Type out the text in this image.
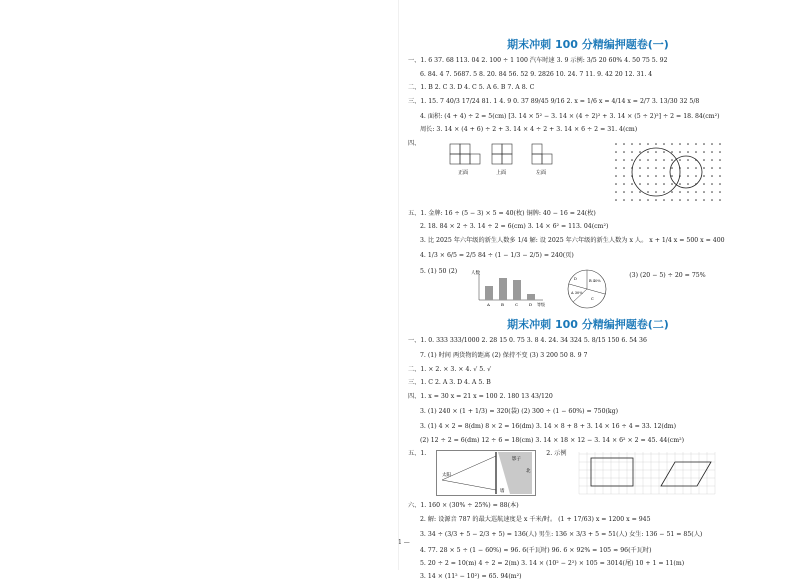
期末冲刺 100 分精编押题卷(一)
一、1. 6 37. 68 113. 04 2. 100 ÷ 1 100 汽车时速 3. 9 示例: 3/5 20 60% 4. 50 75 5. 92
6. 84. 4 7. 5687. 5 8. 20. 84 56. 52 9. 2826 10. 24. 7 11. 9. 42 20 12. 31. 4
二、1. B 2. C 3. D 4. C 5. A 6. B 7. A 8. C
三、1. 15. 7 40/3 17/24 81. 1 4. 9 0. 37 89/45 9/16 2. x = 1/6 x = 4/14 x = 2/7 3. 13/30 32 5/8
4. 面积: (4 + 4) ÷ 2 = 5(cm) [3. 14 × 5² − 3. 14 × (4 ÷ 2)² + 3. 14 × (5 ÷ 2)²] ÷ 2 = 18. 84(cm²)
周长: 3. 14 × (4 + 6) ÷ 2 + 3. 14 × 4 ÷ 2 + 3. 14 × 6 ÷ 2 = 31. 4(cm)
四、
正面	上面	左面
五、1. 金牌: 16 ÷ (5 − 3) × 5 = 40(枚) 铜牌: 40 − 16 = 24(枚)
2. 18. 84 × 2 ÷ 3. 14 ÷ 2 = 6(cm) 3. 14 × 6² = 113. 04(cm²)
3. 比 2025 年六年级的新生人数多 1/4 解: 设 2025 年六年级的新生人数为 x 人。 x + 1/4 x = 500 x = 400
4. 1/3 × 6/5 = 2/5 84 ÷ (1 − 1/3 − 2/5) = 240(页)
5. (1) 50 (2)	人数
A	B	C	D 等级
B 40%
A 30%
C
D	(3) (20 − 5) ÷ 20 = 75%
期末冲刺 100 分精编押题卷(二)
一、1. 0. 333 333/1000 2. 28 15 0. 75 3. 8 4. 24. 34 324 5. 8/15 150 6. 54 36
7. (1) 时间 两货物的距离 (2) 保持不变 (3) 3 200 50 8. 9 7
二、1. × 2. × 3. × 4. √ 5. √
三、1. C 2. A 3. D 4. A 5. B
四、1. x = 30 x = 21 x = 100 2. 180 13 43/120
3. (1) 240 × (1 + 1/3) = 320(袋) (2) 300 ÷ (1 − 60%) = 750(kg)
3. (1) 4 × 2 = 8(dm) 8 × 2 = 16(dm) 3. 14 × 8 + 8 + 3. 14 × 16 ÷ 4 = 33. 12(dm)
(2) 12 ÷ 2 = 6(dm) 12 ÷ 6 = 18(cm) 3. 14 × 18 × 12 − 3. 14 × 6² × 2 = 45. 44(cm²)
五、1.
太阳
墙
影子
北
2. 示例
六、1. 160 × (30% ÷ 25%) = 88(本)
2. 解: 设源音 787 的最大巡航速度是 x 千米/时。 (1 + 17/63) x = 1200 x = 945
3. 34 ÷ (3/3 + 5 − 2/3 + 5) = 136(人) 男生: 136 × 3/3 + 5 = 51(人) 女生: 136 − 51 = 85(人)
4. 77. 28 × 5 ÷ (1 − 60%) ≈ 96. 6(千瓦时) 96. 6 × 92% = 105 ≈ 96(千瓦时)
5. 20 ÷ 2 = 10(m) 4 ÷ 2 = 2(m) 3. 14 × (10² − 2²) × 105 = 3014(尾) 10 + 1 = 11(m)
3. 14 × (11² − 10²) = 65. 94(m²)
1 —
